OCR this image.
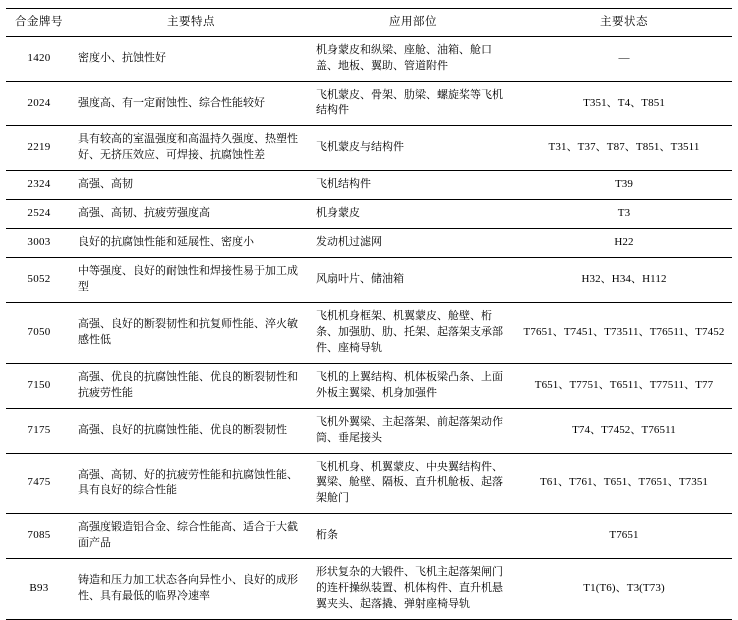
合金牌号	主要特点	应用部位	主要状态
1420	密度小、抗蚀性好	机身蒙皮和纵梁、座舱、油箱、舱口盖、地板、翼助、管道附件	—
2024	强度高、有一定耐蚀性、综合性能较好	飞机蒙皮、骨架、肋梁、螺旋桨等飞机结构件	T351、T4、T851
2219	具有较高的室温强度和高温持久强度、热塑性好、无挤压效应、可焊接、抗腐蚀性差	飞机蒙皮与结构件	T31、T37、T87、T851、T3511
2324	高强、高韧	飞机结构件	T39
2524	高强、高韧、抗疲劳强度高	机身蒙皮	T3
3003	良好的抗腐蚀性能和延展性、密度小	发动机过滤网	H22
5052	中等强度、良好的耐蚀性和焊接性易于加工成型	风扇叶片、储油箱	H32、H34、H112
7050	高强、良好的断裂韧性和抗复师性能、淬火敏感性低	飞机机身框架、机翼蒙皮、舱壁、桁条、加强肋、肋、托架、起落架支承部件、座椅导轨	T7651、T7451、T73511、T76511、T7452
7150	高强、优良的抗腐蚀性能、优良的断裂韧性和抗疲劳性能	飞机的上翼结构、机体板梁凸条、上面外板主翼梁、机身加强件	T651、T7751、T6511、T77511、T77
7175	高强、良好的抗腐蚀性能、优良的断裂韧性	飞机外翼梁、主起落架、前起落架动作筒、垂尾接头	T74、T7452、T76511
7475	高强、高韧、好的抗疲劳性能和抗腐蚀性能、具有良好的综合性能	飞机机身、机翼蒙皮、中央翼结构件、翼梁、舱壁、隔板、直升机舱板、起落架舱门	T61、T761、T651、T7651、T7351
7085	高强度锻造铝合金、综合性能高、适合于大截面产品	桁条	T7651
B93	铸造和压力加工状态各向异性小、良好的成形性、具有最低的临界冷速率	形状复杂的大锻件、飞机主起落架闸门的连杆操纵装置、机体构件、直升机悬翼夹头、起落撬、弹射座椅导轨	T1(T6)、T3(T73)
